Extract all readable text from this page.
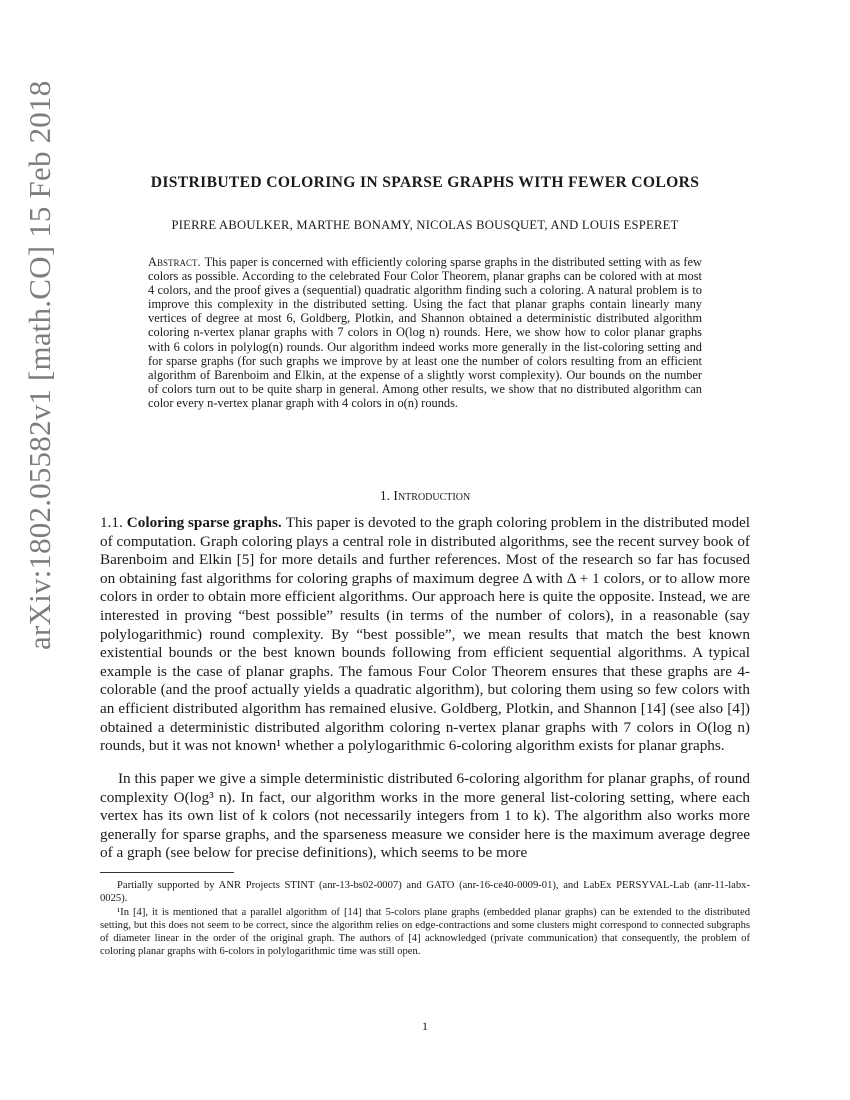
arXiv:1802.05582v1 [math.CO] 15 Feb 2018	DISTRIBUTED COLORING IN SPARSE GRAPHS WITH FEWER COLORS
PIERRE ABOULKER, MARTHE BONAMY, NICOLAS BOUSQUET, AND LOUIS ESPERET
Abstract. This paper is concerned with efficiently coloring sparse graphs in the distributed setting with as few colors as possible. According to the celebrated Four Color Theorem, planar graphs can be colored with at most 4 colors, and the proof gives a (sequential) quadratic algorithm finding such a coloring. A natural problem is to improve this complexity in the distributed setting. Using the fact that planar graphs contain linearly many vertices of degree at most 6, Goldberg, Plotkin, and Shannon obtained a deterministic distributed algorithm coloring n-vertex planar graphs with 7 colors in O(log n) rounds. Here, we show how to color planar graphs with 6 colors in polylog(n) rounds. Our algorithm indeed works more generally in the list-coloring setting and for sparse graphs (for such graphs we improve by at least one the number of colors resulting from an efficient algorithm of Barenboim and Elkin, at the expense of a slightly worst complexity). Our bounds on the number of colors turn out to be quite sharp in general. Among other results, we show that no distributed algorithm can color every n-vertex planar graph with 4 colors in o(n) rounds.
1. Introduction

1.1. Coloring sparse graphs. This paper is devoted to the graph coloring problem in the distributed model of computation. Graph coloring plays a central role in distributed algorithms, see the recent survey book of Barenboim and Elkin [5] for more details and further references. Most of the research so far has focused on obtaining fast algorithms for coloring graphs of maximum degree Δ with Δ + 1 colors, or to allow more colors in order to obtain more efficient algorithms. Our approach here is quite the opposite. Instead, we are interested in proving “best possible” results (in terms of the number of colors), in a reasonable (say polylogarithmic) round complexity. By “best possible”, we mean results that match the best known existential bounds or the best known bounds following from efficient sequential algorithms. A typical example is the case of planar graphs. The famous Four Color Theorem ensures that these graphs are 4-colorable (and the proof actually yields a quadratic algorithm), but coloring them using so few colors with an efficient distributed algorithm has remained elusive. Goldberg, Plotkin, and Shannon [14] (see also [4]) obtained a deterministic distributed algorithm coloring n-vertex planar graphs with 7 colors in O(log n) rounds, but it was not known¹ whether a polylogarithmic 6-coloring algorithm exists for planar graphs.

In this paper we give a simple deterministic distributed 6-coloring algorithm for planar graphs, of round complexity O(log³ n). In fact, our algorithm works in the more general list-coloring setting, where each vertex has its own list of k colors (not necessarily integers from 1 to k). The algorithm also works more generally for sparse graphs, and the sparseness measure we consider here is the maximum average degree of a graph (see below for precise definitions), which seems to be more

Partially supported by ANR Projects STINT (anr-13-bs02-0007) and GATO (anr-16-ce40-0009-01), and LabEx PERSYVAL-Lab (anr-11-labx-0025).

¹In [4], it is mentioned that a parallel algorithm of [14] that 5-colors plane graphs (embedded planar graphs) can be extended to the distributed setting, but this does not seem to be correct, since the algorithm relies on edge-contractions and some clusters might correspond to connected subgraphs of diameter linear in the order of the original graph. The authors of [4] acknowledged (private communication) that consequently, the problem of coloring planar graphs with 6-colors in polylogarithmic time was still open.

1
